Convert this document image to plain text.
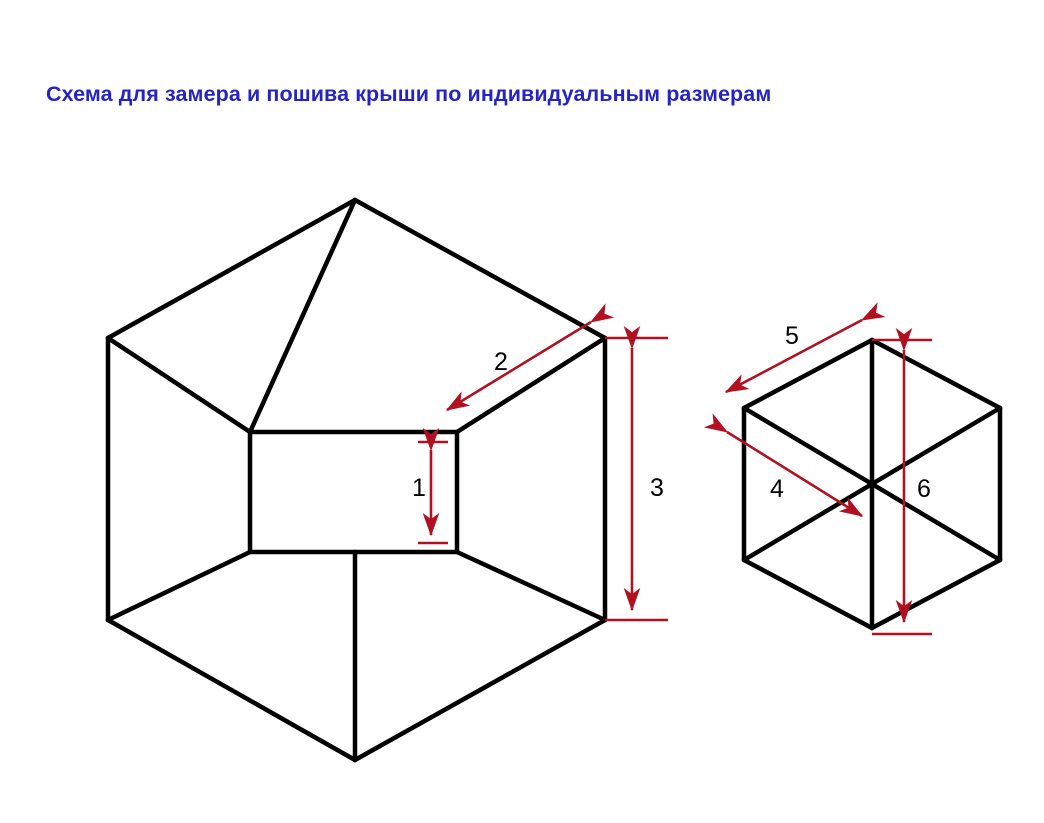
Схема для замера и пошива крыши по индивидуальным размерам
1
2
3	4
5
6
